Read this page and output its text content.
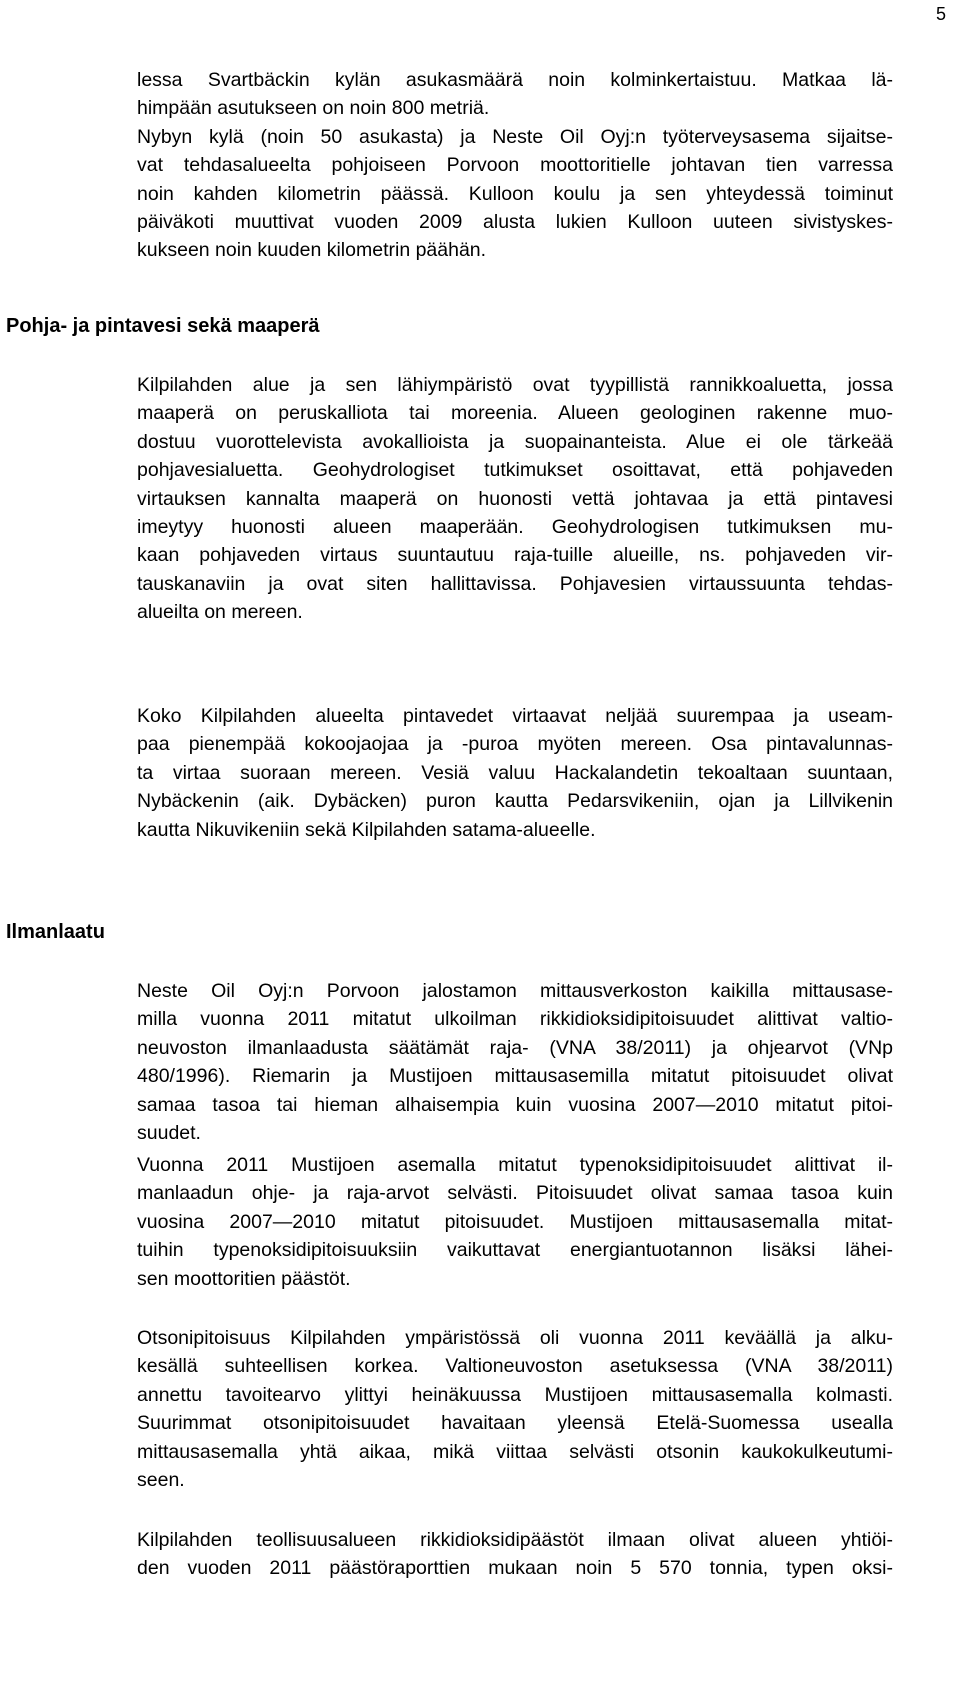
5
lessa Svartbäckin kylän asukasmäärä noin kolminkertaistuu. Matkaa lä-
himpään asutukseen on noin 800 metriä.
Nybyn kylä (noin 50 asukasta) ja Neste Oil Oyj:n työterveysasema sijaitse-
vat tehdasalueelta pohjoiseen Porvoon moottoritielle johtavan tien varressa
noin kahden kilometrin päässä. Kulloon koulu ja sen yhteydessä toiminut
päiväkoti muuttivat vuoden 2009 alusta lukien Kulloon uuteen sivistyskes-
kukseen noin kuuden kilometrin päähän.
Pohja- ja pintavesi sekä maaperä
Kilpilahden alue ja sen lähiympäristö ovat tyypillistä rannikkoaluetta, jossa
maaperä on peruskalliota tai moreenia. Alueen geologinen rakenne muo-
dostuu vuorottelevista avokallioista ja suopainanteista. Alue ei ole tärkeää
pohjavesialuetta. Geohydrologiset tutkimukset osoittavat, että pohjaveden
virtauksen kannalta maaperä on huonosti vettä johtavaa ja että pintavesi
imeytyy huonosti alueen maaperään. Geohydrologisen tutkimuksen mu-
kaan pohjaveden virtaus suuntautuu raja-tuille alueille, ns. pohjaveden vir-
tauskanaviin ja ovat siten hallittavissa. Pohjavesien virtaussuunta tehdas-
alueilta on mereen.
Koko Kilpilahden alueelta pintavedet virtaavat neljää suurempaa ja useam-
paa pienempää kokoojaojaa ja -puroa myöten mereen. Osa pintavalunnas-
ta virtaa suoraan mereen. Vesiä valuu Hackalandetin tekoaltaan suuntaan,
Nybäckenin (aik. Dybäcken) puron kautta Pedarsvikeniin, ojan ja Lillvikenin
kautta Nikuvikeniin sekä Kilpilahden satama-alueelle.
Ilmanlaatu
Neste Oil Oyj:n Porvoon jalostamon mittausverkoston kaikilla mittausase-
milla vuonna 2011 mitatut ulkoilman rikkidioksidipitoisuudet alittivat valtio-
neuvoston ilmanlaadusta säätämät raja- (VNA 38/2011) ja ohjearvot (VNp
480/1996). Riemarin ja Mustijoen mittausasemilla mitatut pitoisuudet olivat
samaa tasoa tai hieman alhaisempia kuin vuosina 2007—2010 mitatut pitoi-
suudet.
Vuonna 2011 Mustijoen asemalla mitatut typenoksidipitoisuudet alittivat il-
manlaadun ohje- ja raja-arvot selvästi. Pitoisuudet olivat samaa tasoa kuin
vuosina 2007—2010 mitatut pitoisuudet. Mustijoen mittausasemalla mitat-
tuihin typenoksidipitoisuuksiin vaikuttavat energiantuotannon lisäksi lähei-
sen moottoritien päästöt.
Otsonipitoisuus Kilpilahden ympäristössä oli vuonna 2011 keväällä ja alku-
kesällä suhteellisen korkea. Valtioneuvoston asetuksessa (VNA 38/2011)
annettu tavoitearvo ylittyi heinäkuussa Mustijoen mittausasemalla kolmasti.
Suurimmat otsonipitoisuudet havaitaan yleensä Etelä-Suomessa usealla
mittausasemalla yhtä aikaa, mikä viittaa selvästi otsonin kaukokulkeutumi-
seen.
Kilpilahden teollisuusalueen rikkidioksidipäästöt ilmaan olivat alueen yhtiöi-
den vuoden 2011 päästöraporttien mukaan noin 5 570 tonnia, typen oksi-
